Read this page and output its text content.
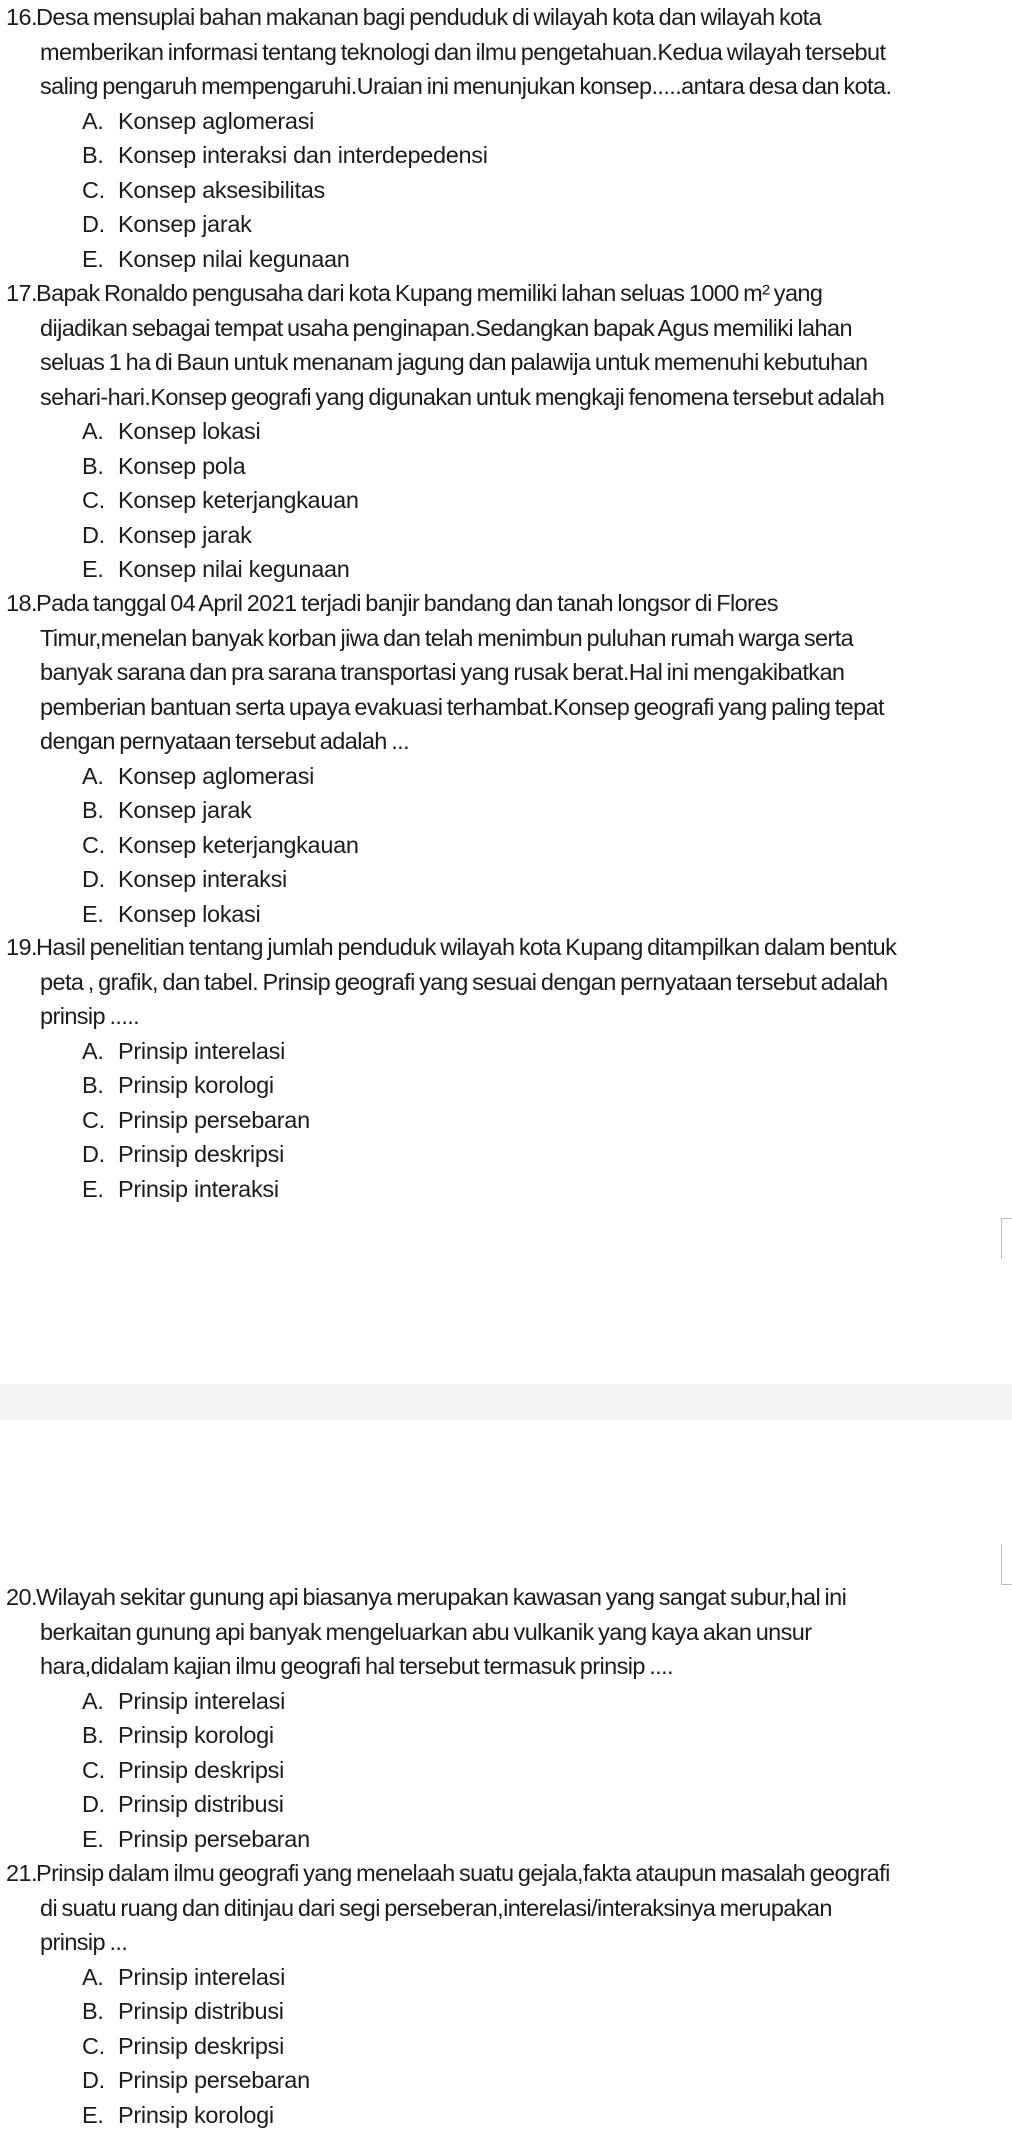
16.Desa mensuplai bahan makanan bagi penduduk di wilayah kota dan wilayah kota
memberikan informasi tentang teknologi dan ilmu pengetahuan.Kedua wilayah tersebut
saling pengaruh mempengaruhi.Uraian ini menunjukan konsep.....antara desa dan kota.
A. Konsep aglomerasi
B. Konsep interaksi dan interdepedensi
C. Konsep aksesibilitas
D. Konsep jarak
E. Konsep nilai kegunaan
17.Bapak Ronaldo pengusaha dari kota Kupang memiliki lahan seluas 1000 m² yang
dijadikan sebagai tempat usaha penginapan.Sedangkan bapak Agus memiliki lahan
seluas 1 ha di Baun untuk menanam jagung dan palawija untuk memenuhi kebutuhan
sehari-hari.Konsep geografi yang digunakan untuk mengkaji fenomena tersebut adalah
A. Konsep lokasi
B. Konsep pola
C. Konsep keterjangkauan
D. Konsep jarak
E. Konsep nilai kegunaan
18.Pada tanggal 04 April 2021 terjadi banjir bandang dan tanah longsor di Flores
Timur,menelan banyak korban jiwa dan telah menimbun puluhan rumah warga serta
banyak sarana dan pra sarana transportasi yang rusak berat.Hal ini mengakibatkan
pemberian bantuan serta upaya evakuasi terhambat.Konsep geografi yang paling tepat
dengan pernyataan tersebut adalah ...
A. Konsep aglomerasi
B. Konsep jarak
C. Konsep keterjangkauan
D. Konsep interaksi
E. Konsep lokasi
19.Hasil penelitian tentang jumlah penduduk wilayah kota Kupang ditampilkan dalam bentuk
peta , grafik, dan tabel. Prinsip geografi yang sesuai dengan pernyataan tersebut adalah
prinsip .....
A. Prinsip interelasi
B. Prinsip korologi
C. Prinsip persebaran
D. Prinsip deskripsi
E. Prinsip interaksi
20.Wilayah sekitar gunung api biasanya merupakan kawasan yang sangat subur,hal ini
berkaitan gunung api banyak mengeluarkan abu vulkanik yang kaya akan unsur
hara,didalam kajian ilmu geografi hal tersebut termasuk prinsip ....
A. Prinsip interelasi
B. Prinsip korologi
C. Prinsip deskripsi
D. Prinsip distribusi
E. Prinsip persebaran
21.Prinsip dalam ilmu geografi yang menelaah suatu gejala,fakta ataupun masalah geografi
di suatu ruang dan ditinjau dari segi perseberan,interelasi/interaksinya merupakan
prinsip ...
A. Prinsip interelasi
B. Prinsip distribusi
C. Prinsip deskripsi
D. Prinsip persebaran
E. Prinsip korologi
